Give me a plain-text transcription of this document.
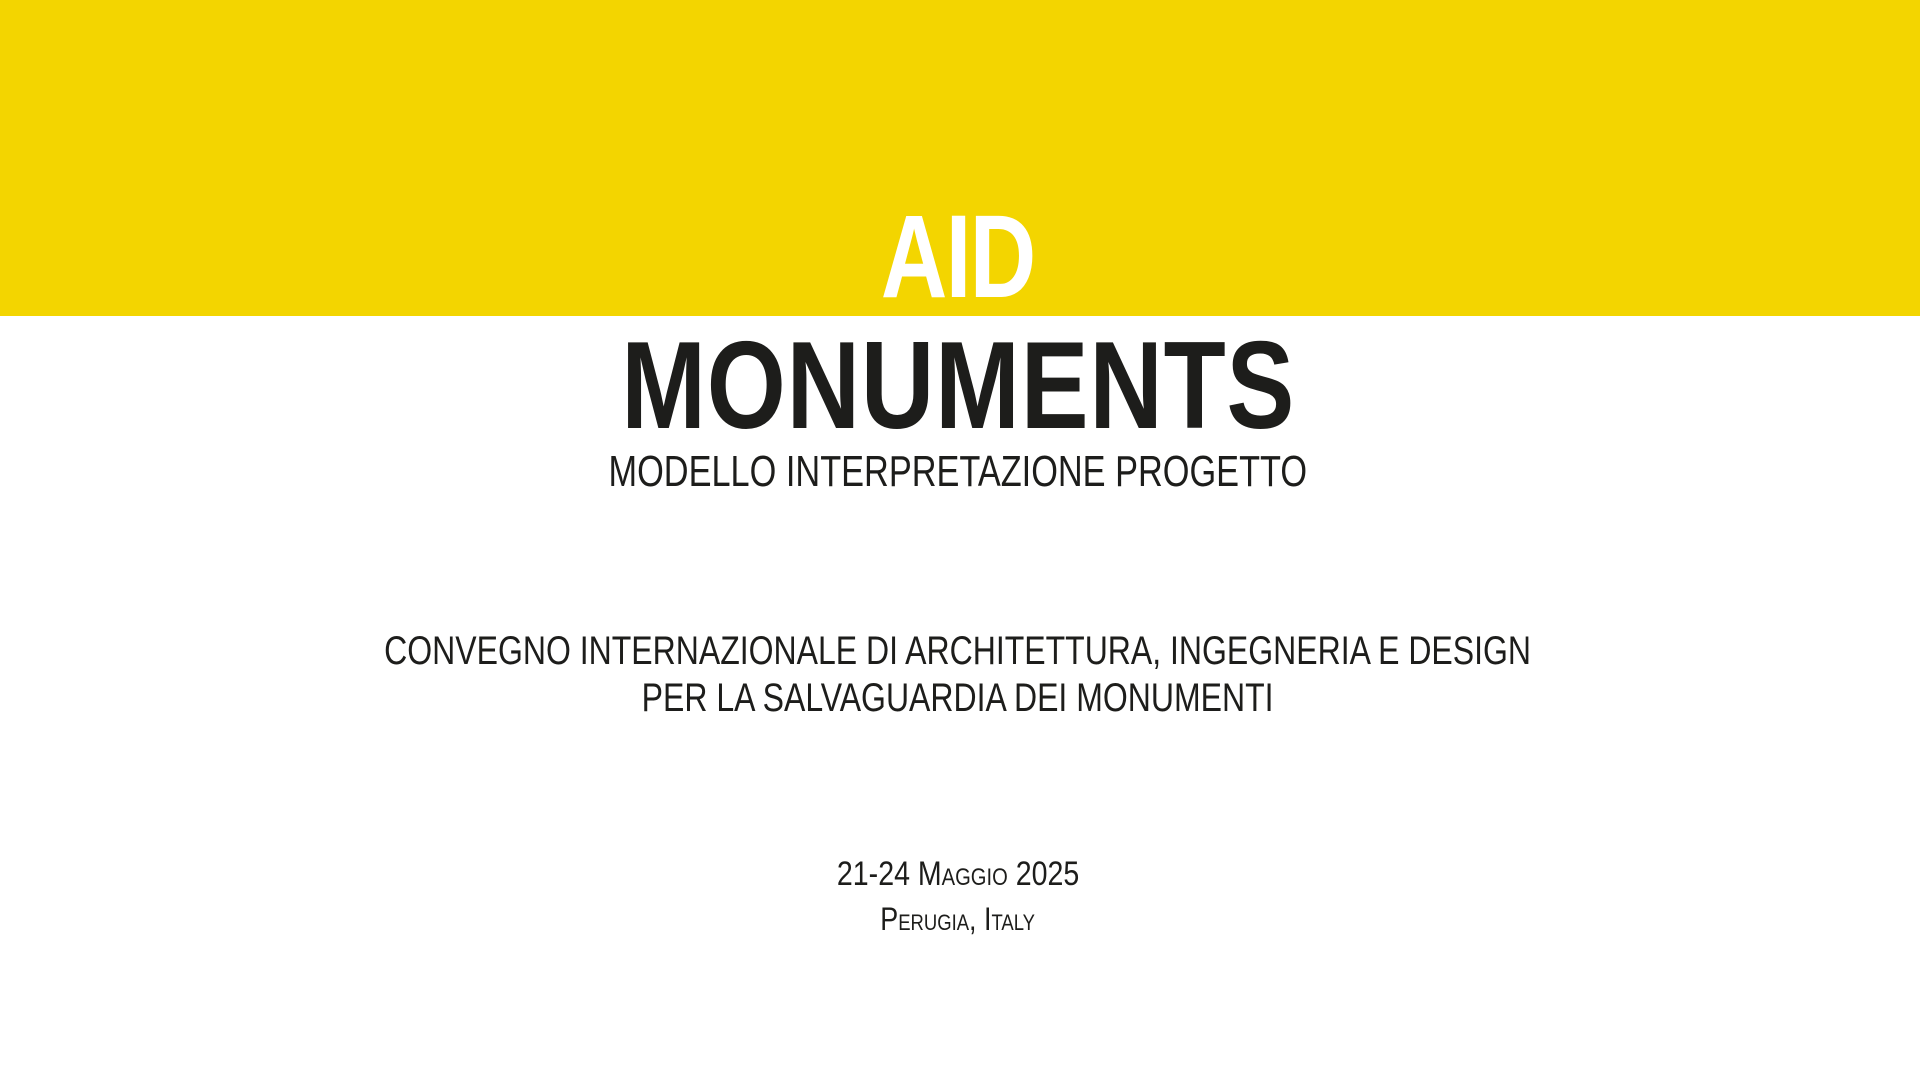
AID
MONUMENTS
MODELLO INTERPRETAZIONE PROGETTO
CONVEGNO INTERNAZIONALE DI ARCHITETTURA, INGEGNERIA E DESIGN
PER LA SALVAGUARDIA DEI MONUMENTI
21-24 Maggio 2025
Perugia, Italy
